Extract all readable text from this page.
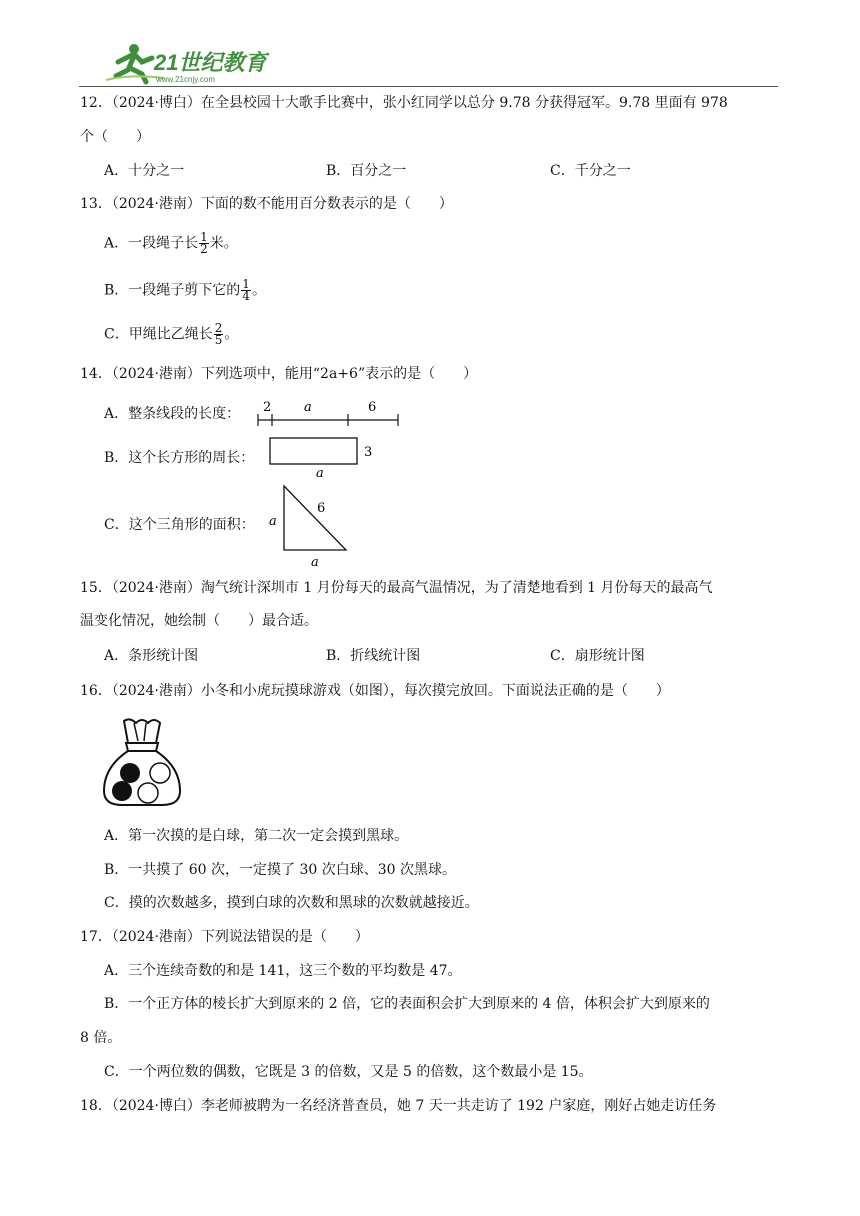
21世纪教育
www.21cnjy.com
12．（2024·博白）在全县校园十大歌手比赛中，张小红同学以总分 9.78 分获得冠军。9.78 里面有 978
个（　　）
A．十分之一	B．百分之一	C．千分之一
13．（2024·港南）下面的数不能用百分数表示的是（　　）
A．一段绳子长 $\frac{1}{2}$ 米。
B．一段绳子剪下它的 $\frac{1}{4}$ 。
C．甲绳比乙绳长 $\frac{2}{5}$ 。
14．（2024·港南）下列选项中，能用“2a+6”表示的是（　　）
A．整条线段的长度： 2	a	6
B．这个长方形的周长：	3
a
C．这个三角形的面积： a
6
a
15．（2024·港南）淘气统计深圳市 1 月份每天的最高气温情况，为了清楚地看到 1 月份每天的最高气
温变化情况，她绘制（　　）最合适。
A．条形统计图	B．折线统计图	C．扇形统计图
16．（2024·港南）小冬和小虎玩摸球游戏（如图），每次摸完放回。下面说法正确的是（　　）
A．第一次摸的是白球，第二次一定会摸到黑球。
B．一共摸了 60 次，一定摸了 30 次白球、30 次黑球。
C．摸的次数越多，摸到白球的次数和黑球的次数就越接近。
17．（2024·港南）下列说法错误的是（　　）
A．三个连续奇数的和是 141，这三个数的平均数是 47。
B．一个正方体的棱长扩大到原来的 2 倍，它的表面积会扩大到原来的 4 倍，体积会扩大到原来的
8 倍。
C．一个两位数的偶数，它既是 3 的倍数，又是 5 的倍数，这个数最小是 15。
18．（2024·博白）李老师被聘为一名经济普查员，她 7 天一共走访了 192 户家庭，刚好占她走访任务
